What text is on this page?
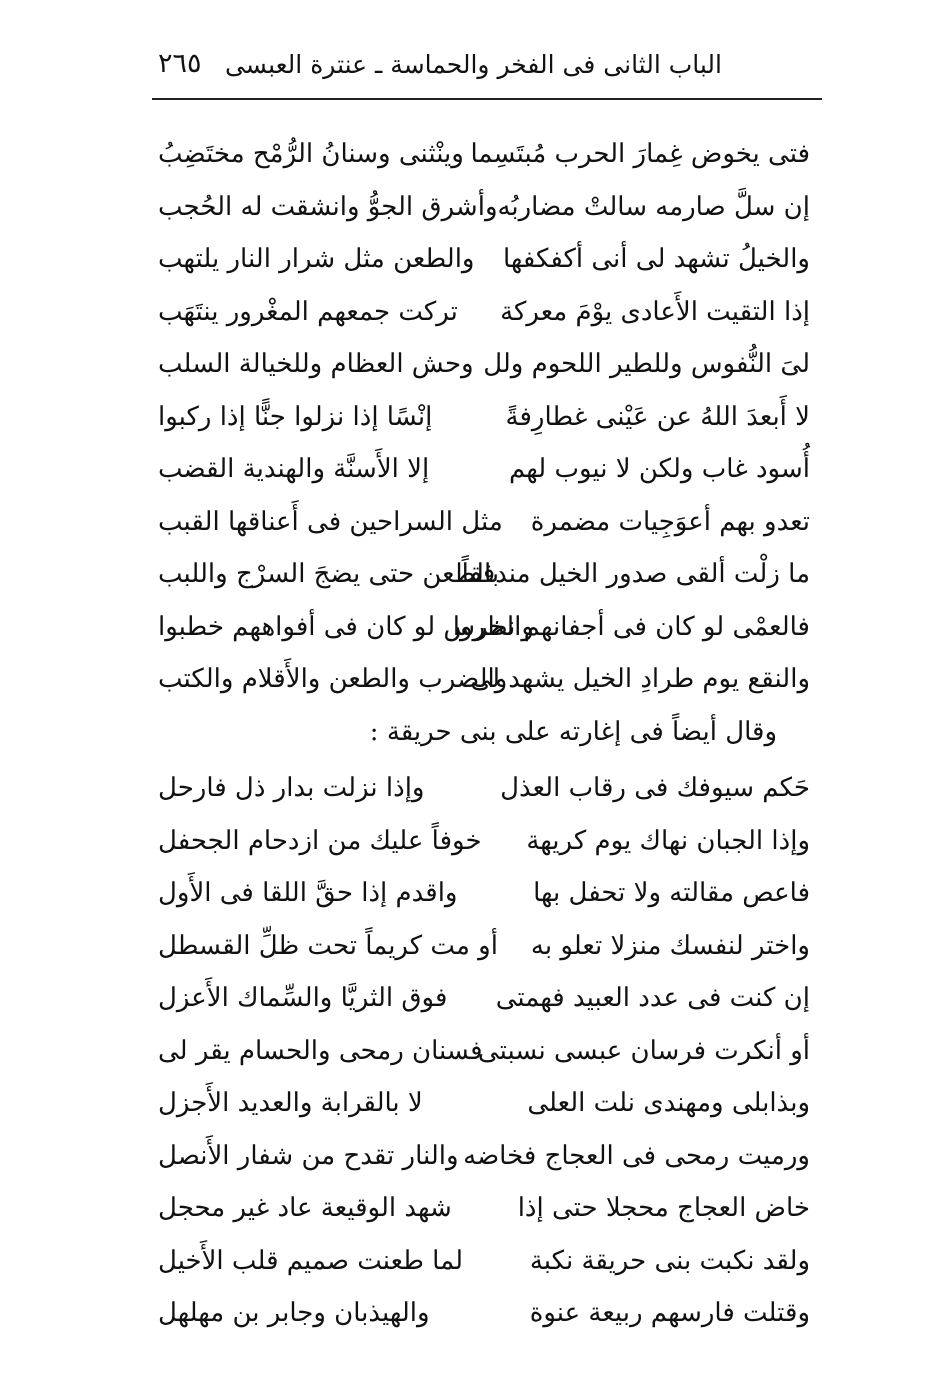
الباب الثانى فى الفخر والحماسة ـ عنترة العبسى
٢٦٥
فتى يخوض غِمارَ الحرب مُبتَسِما
وينْثنى وسنانُ الرُّمْح مختَضِبُ
إن سلَّ صارمه سالتْ مضاربُه
وأشرق الجوُّ وانشقت له الحُجب
والخيلُ تشهد لى أنى أكفكفها
والطعن مثل شرار النار يلتهب
إذا التقيت الأَعادى يوْمَ معركة
تركت جمعهم المغْرور ينتَهَب
لىَ النُّفوس وللطير اللحوم ولل
وحش العظام وللخيالة السلب
لا أَبعدَ اللهُ عن عَيْنى غطارِفةً
إنْسًا إذا نزلوا جنًّا إذا ركبوا
أُسود غاب ولكن لا نيوب لهم
إلا الأَسنَّة والهندية القضب
تعدو بهم أعوَجِيات مضمرة
مثل السراحين فى أَعناقها القبب
ما زلْت ألقى صدور الخيل مندفقاً
بالطعن حتى يضجَ السرْج واللبب
فالعمْى لو كان فى أجفانهم نظروا
والخرس لو كان فى أفواههم خطبوا
والنقع يوم طرادِ الخيل يشهد لى
والضرب والطعن والأَقلام والكتب
وقال أيضاً فى إغارته على بنى حريقة :
حَكم سيوفك فى رقاب العذل
وإذا نزلت بدار ذل فارحل
وإذا الجبان نهاك يوم كريهة
خوفاً عليك من ازدحام الجحفل
فاعص مقالته ولا تحفل بها
واقدم إذا حقَّ اللقا فى الأَول
واختر لنفسك منزلا تعلو به
أو مت كريماً تحت ظلِّ القسطل
إن كنت فى عدد العبيد فهمتى
فوق الثريَّا والسِّماك الأَعزل
أو أنكرت فرسان عبسى نسبتى
فسنان رمحى والحسام يقر لى
وبذابلى ومهندى نلت العلى
لا بالقرابة والعديد الأَجزل
ورميت رمحى فى العجاج فخاضه
والنار تقدح من شفار الأَنصل
خاض العجاج محجلا حتى إذا
شهد الوقيعة عاد غير محجل
ولقد نكبت بنى حريقة نكبة
لما طعنت صميم قلب الأَخيل
وقتلت فارسهم ربيعة عنوة
والهيذبان وجابر بن مهلهل
